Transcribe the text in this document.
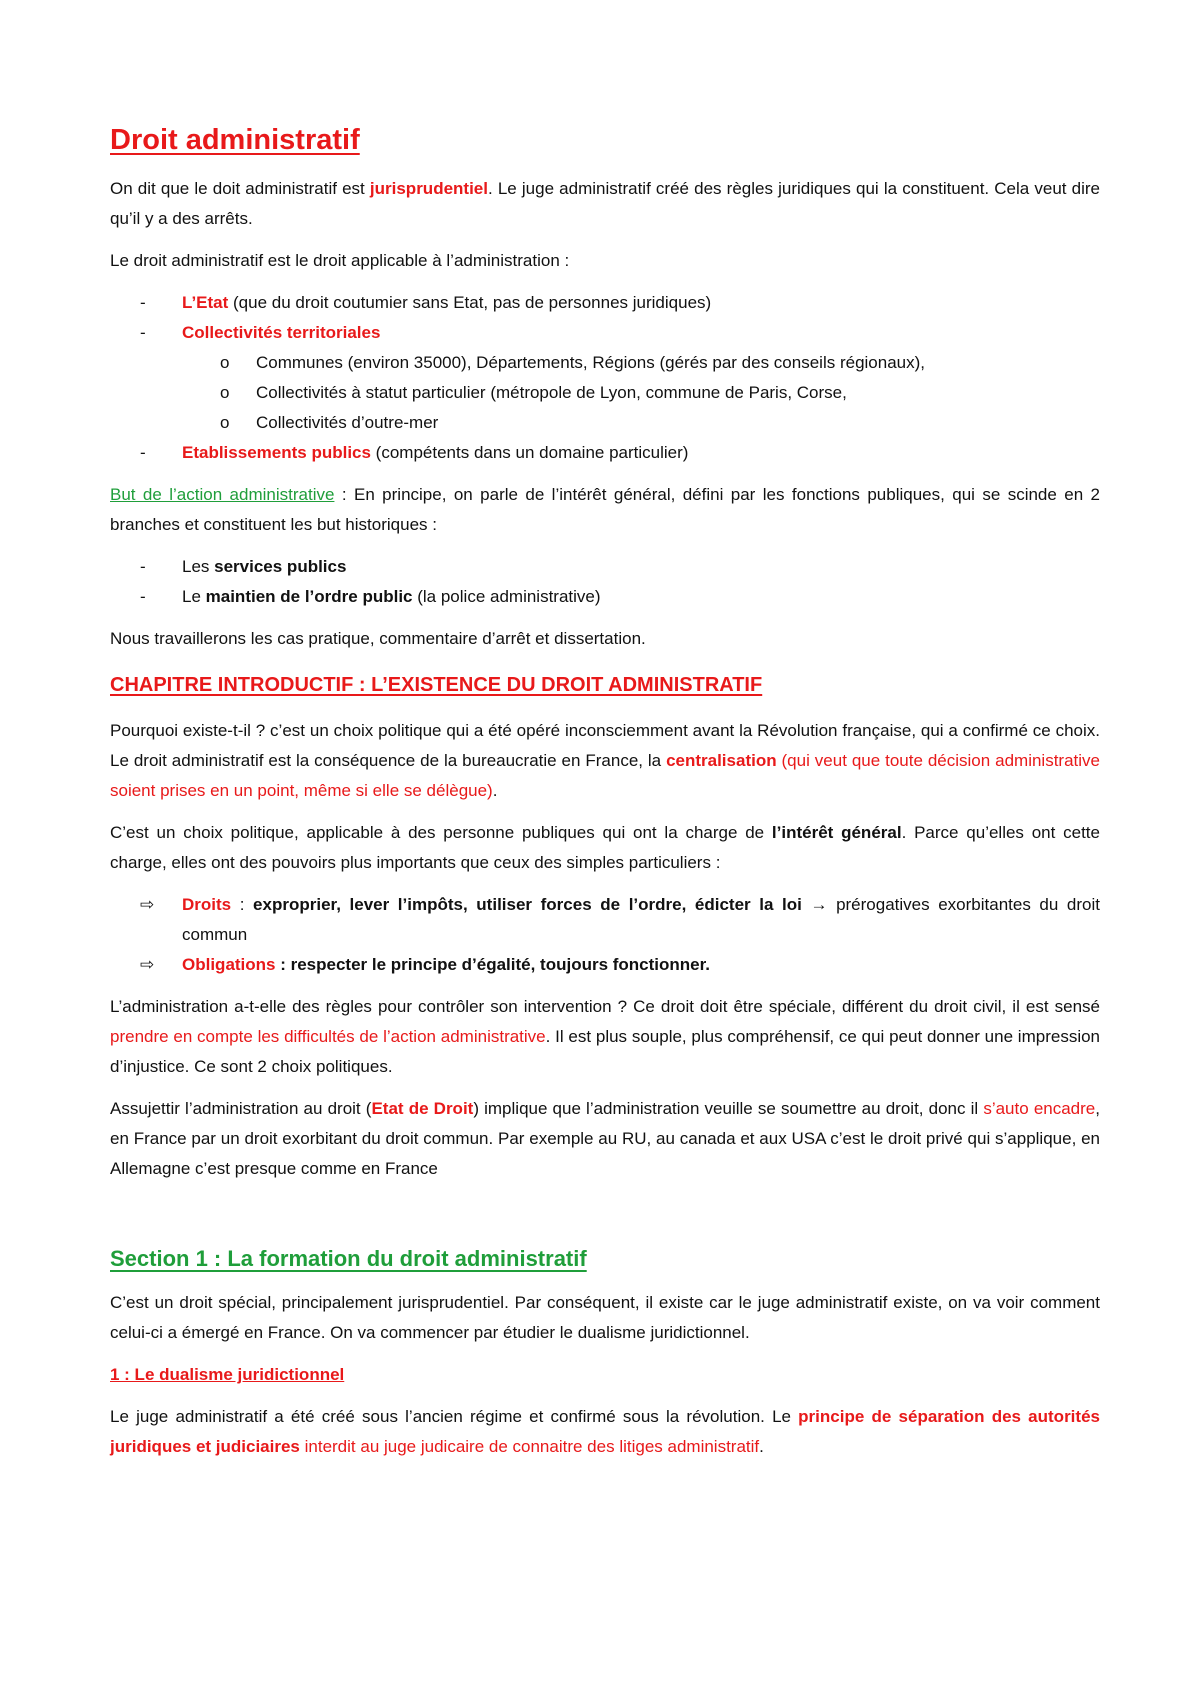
Droit administratif

On dit que le doit administratif est jurisprudentiel. Le juge administratif créé des règles juridiques qui la constituent. Cela veut dire qu’il y a des arrêts.

Le droit administratif est le droit applicable à l’administration :

- L’Etat (que du droit coutumier sans Etat, pas de personnes juridiques)
- Collectivités territoriales
o Communes (environ 35000), Départements, Régions (gérés par des conseils régionaux),
o Collectivités à statut particulier (métropole de Lyon, commune de Paris, Corse,
o Collectivités d’outre-mer
- Etablissements publics (compétents dans un domaine particulier)

But de l’action administrative : En principe, on parle de l’intérêt général, défini par les fonctions publiques, qui se scinde en 2 branches et constituent les but historiques :

- Les services publics
- Le maintien de l’ordre public (la police administrative)

Nous travaillerons les cas pratique, commentaire d’arrêt et dissertation.

CHAPITRE INTRODUCTIF : L’EXISTENCE DU DROIT ADMINISTRATIF

Pourquoi existe-t-il ? c’est un choix politique qui a été opéré inconsciemment avant la Révolution française, qui a confirmé ce choix. Le droit administratif est la conséquence de la bureaucratie en France, la centralisation (qui veut que toute décision administrative soient prises en un point, même si elle se délègue).

C’est un choix politique, applicable à des personne publiques qui ont la charge de l’intérêt général. Parce qu’elles ont cette charge, elles ont des pouvoirs plus importants que ceux des simples particuliers :

⇨ Droits : exproprier, lever l’impôts, utiliser forces de l’ordre, édicter la loi → prérogatives exorbitantes du droit commun
⇨ Obligations : respecter le principe d’égalité, toujours fonctionner.

L’administration a-t-elle des règles pour contrôler son intervention ? Ce droit doit être spéciale, différent du droit civil, il est sensé prendre en compte les difficultés de l’action administrative. Il est plus souple, plus compréhensif, ce qui peut donner une impression d’injustice. Ce sont 2 choix politiques.

Assujettir l’administration au droit (Etat de Droit) implique que l’administration veuille se soumettre au droit, donc il s’auto encadre, en France par un droit exorbitant du droit commun. Par exemple au RU, au canada et aux USA c’est le droit privé qui s’applique, en Allemagne c’est presque comme en France

Section 1 : La formation du droit administratif

C’est un droit spécial, principalement jurisprudentiel. Par conséquent, il existe car le juge administratif existe, on va voir comment celui-ci a émergé en France. On va commencer par étudier le dualisme juridictionnel.

1 : Le dualisme juridictionnel

Le juge administratif a été créé sous l’ancien régime et confirmé sous la révolution. Le principe de séparation des autorités juridiques et judiciaires interdit au juge judicaire de connaitre des litiges administratif.
